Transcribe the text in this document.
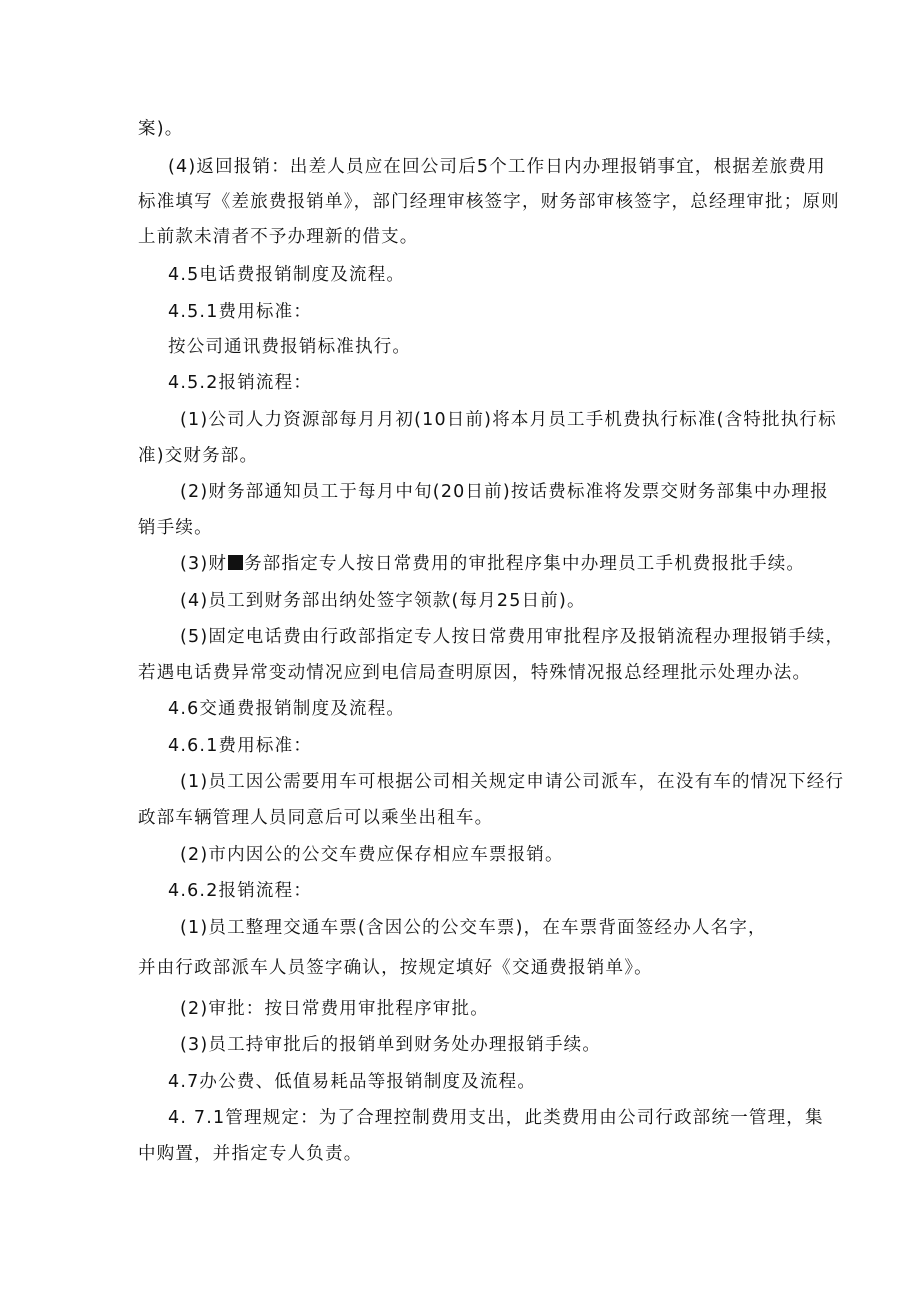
案)。
(4)返回报销：出差人员应在回公司后5个工作日内办理报销事宜，根据差旅费用
标准填写《差旅费报销单》，部门经理审核签字，财务部审核签字，总经理审批；原则
上前款未清者不予办理新的借支。
4.5电话费报销制度及流程。
4.5.1费用标准：
按公司通讯费报销标准执行。
4.5.2报销流程：
(1)公司人力资源部每月月初(10日前)将本月员工手机费执行标准(含特批执行标
准)交财务部。
(2)财务部通知员工于每月中旬(20日前)按话费标准将发票交财务部集中办理报
销手续。
(3)财 务部指定专人按日常费用的审批程序集中办理员工手机费报批手续。
(4)员工到财务部出纳处签字领款(每月25日前)。
(5)固定电话费由行政部指定专人按日常费用审批程序及报销流程办理报销手续，
若遇电话费异常变动情况应到电信局查明原因，特殊情况报总经理批示处理办法。
4.6交通费报销制度及流程。
4.6.1费用标准：
(1)员工因公需要用车可根据公司相关规定申请公司派车，在没有车的情况下经行
政部车辆管理人员同意后可以乘坐出租车。
(2)市内因公的公交车费应保存相应车票报销。
4.6.2报销流程：
(1)员工整理交通车票(含因公的公交车票)，在车票背面签经办人名字，
并由行政部派车人员签字确认，按规定填好《交通费报销单》。
(2)审批：按日常费用审批程序审批。
(3)员工持审批后的报销单到财务处办理报销手续。
4.7办公费、低值易耗品等报销制度及流程。
4. 7.1管理规定：为了合理控制费用支出，此类费用由公司行政部统一管理，集
中购置，并指定专人负责。
